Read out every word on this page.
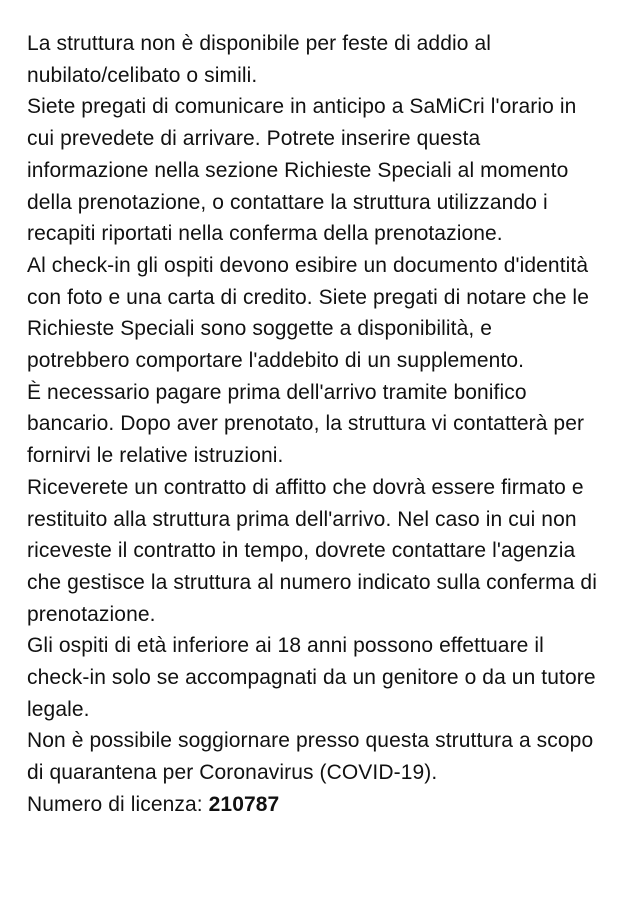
La struttura non è disponibile per feste di addio al nubilato/celibato o simili.

Siete pregati di comunicare in anticipo a SaMiCri l'orario in cui prevedete di arrivare. Potrete inserire questa informazione nella sezione Richieste Speciali al momento della prenotazione, o contattare la struttura utilizzando i recapiti riportati nella conferma della prenotazione.

Al check-in gli ospiti devono esibire un documento d'identità con foto e una carta di credito. Siete pregati di notare che le Richieste Speciali sono soggette a disponibilità, e potrebbero comportare l'addebito di un supplemento.

È necessario pagare prima dell'arrivo tramite bonifico bancario. Dopo aver prenotato, la struttura vi contatterà per fornirvi le relative istruzioni.

Riceverete un contratto di affitto che dovrà essere firmato e restituito alla struttura prima dell'arrivo. Nel caso in cui non riceveste il contratto in tempo, dovrete contattare l'agenzia che gestisce la struttura al numero indicato sulla conferma di prenotazione.

Gli ospiti di età inferiore ai 18 anni possono effettuare il check-in solo se accompagnati da un genitore o da un tutore legale.

Non è possibile soggiornare presso questa struttura a scopo di quarantena per Coronavirus (COVID-19).

Numero di licenza: 210787
